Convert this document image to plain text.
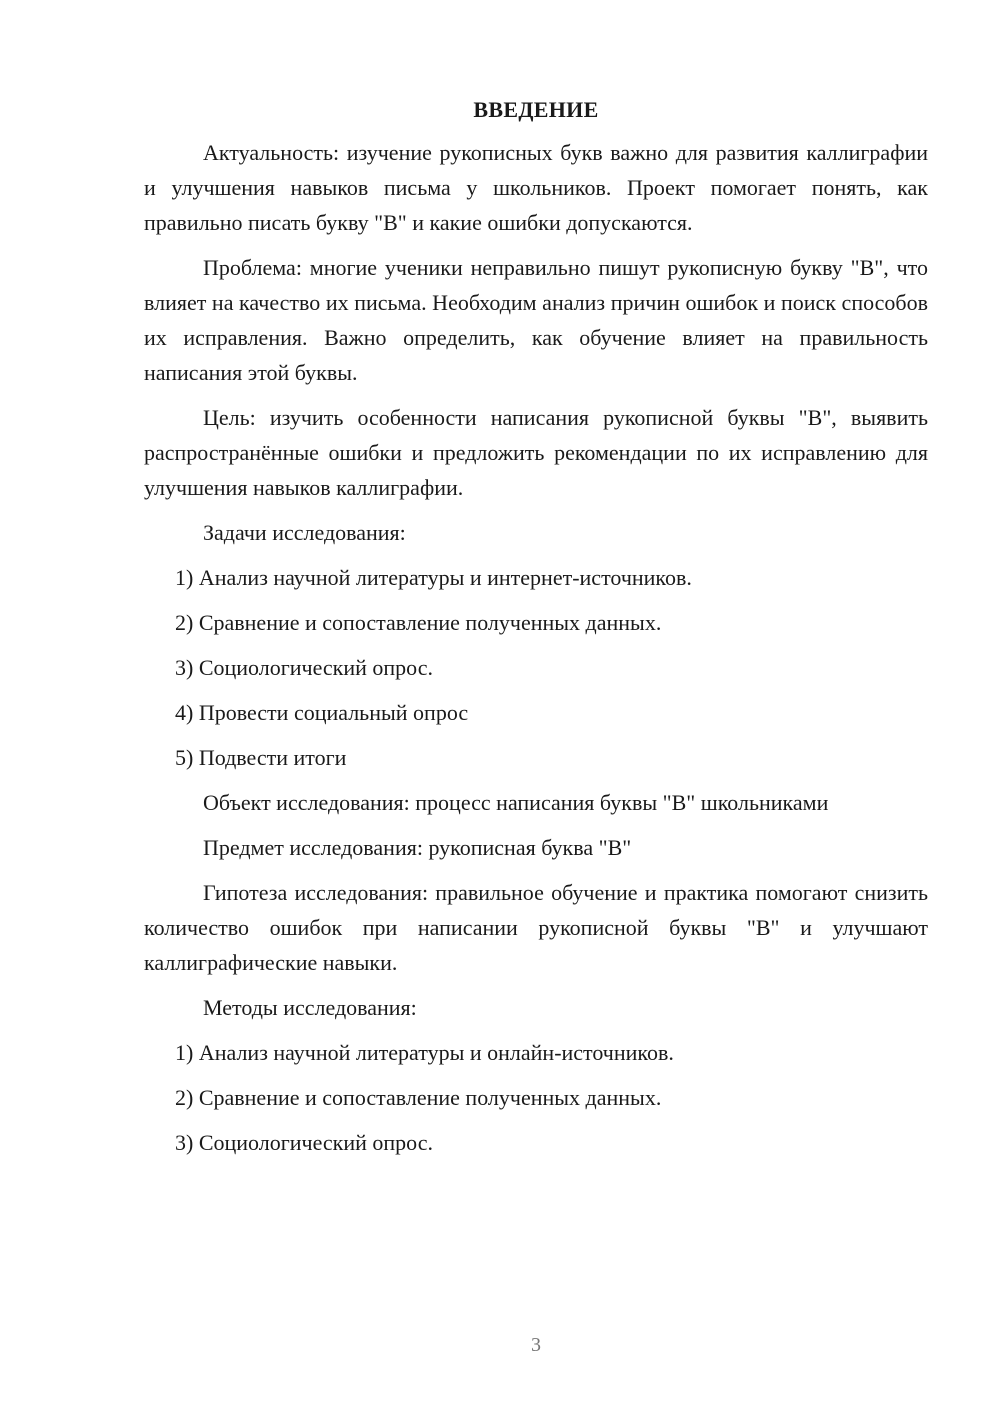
ВВЕДЕНИЕ

Актуальность: изучение рукописных букв важно для развития каллиграфии и улучшения навыков письма у школьников. Проект помогает понять, как правильно писать букву "В" и какие ошибки допускаются.

Проблема: многие ученики неправильно пишут рукописную букву "В", что влияет на качество их письма. Необходим анализ причин ошибок и поиск способов их исправления. Важно определить, как обучение влияет на правильность написания этой буквы.

Цель: изучить особенности написания рукописной буквы "В", выявить распространённые ошибки и предложить рекомендации по их исправлению для улучшения навыков каллиграфии.

Задачи исследования:

1) Анализ научной литературы и интернет-источников.
2) Сравнение и сопоставление полученных данных.
3) Социологический опрос.
4) Провести социальный опрос
5) Подвести итоги

Объект исследования: процесс написания буквы "В" школьниками

Предмет исследования: рукописная буква "В"

Гипотеза исследования: правильное обучение и практика помогают снизить количество ошибок при написании рукописной буквы "В" и улучшают каллиграфические навыки.

Методы исследования:

1) Анализ научной литературы и онлайн-источников.
2) Сравнение и сопоставление полученных данных.
3) Социологический опрос.
3
